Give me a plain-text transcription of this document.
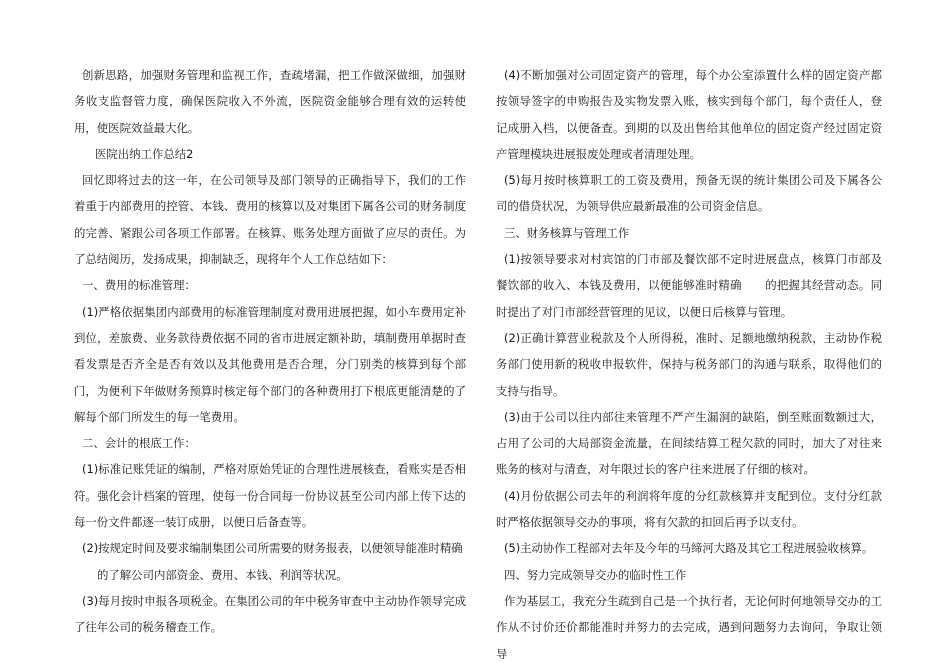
创新思路，加强财务管理和监视工作，查疏堵漏，把工作做深做细，加强财务收支监督管力度，确保医院收入不外流，医院资金能够合理有效的运转使用，使医院效益最大化。

医院出纳工作总结2

回忆即将过去的这一年，在公司领导及部门领导的正确指导下，我们的工作着重于内部费用的控管、本钱、费用的核算以及对集团下属各公司的财务制度的完善、紧跟公司各项工作部署。在核算、账务处理方面做了应尽的责任。为了总结阅历，发扬成果，抑制缺乏，现将年个人工作总结如下：

一、费用的标准管理：

(1)严格依据集团内部费用的标准管理制度对费用进展把握，如小车费用定补到位，差旅费、业务款待费依据不同的省市进展定额补助，填制费用单据时查看发票是否齐全是否有效以及其他费用是否合理，分门别类的核算到每个部门，为便利下年做财务预算时核定每个部门的各种费用打下根底更能清楚的了解每个部门所发生的每一笔费用。

二、会计的根底工作：

(1)标准记账凭证的编制，严格对原始凭证的合理性进展核查，看账实是否相符。强化会计档案的管理，使每一份合同每一份协议甚至公司内部上传下达的每一份文件都逐一装订成册，以便日后备查等。

(2)按规定时间及要求编制集团公司所需要的财务报表，以便领导能准时精确

的了解公司内部资金、费用、本钱、利润等状况。

(3)每月按时申报各项税金。在集团公司的年中税务审查中主动协作领导完成了往年公司的税务稽查工作。

(4)不断加强对公司固定资产的管理，每个办公室添置什么样的固定资产都按领导签字的申购报告及实物发票入账，核实到每个部门，每个责任人，登记成册入档，以便备查。到期的以及出售给其他单位的固定资产经过固定资产管理模块进展报废处理或者清理处理。

(5)每月按时核算职工的工资及费用，预备无误的统计集团公司及下属各公司的借贷状况，为领导供应最新最准的公司资金信息。

三、财务核算与管理工作

(1)按领导要求对村宾馆的门市部及餐饮部不定时进展盘点，核算门市部及餐饮部的收入、本钱及费用，以便能够准时精确　　的把握其经营动态。同时提出了对门市部经营管理的见议，以便日后核算与管理。

(2)正确计算营业税款及个人所得税，准时、足额地缴纳税款，主动协作税务部门使用新的税收申报软件，保持与税务部门的沟通与联系，取得他们的支持与指导。

(3)由于公司以往内部往来管理不严产生漏洞的缺陷，倒至账面数额过大，占用了公司的大局部资金流量，在间续结算工程欠款的同时，加大了对往来账务的核对与清查，对年限过长的客户往来进展了仔细的核对。

(4)月份依据公司去年的利润将年度的分红款核算并支配到位。支付分红款时严格依据领导交办的事项，将有欠款的扣回后再予以支付。

(5)主动协作工程部对去年及今年的马缔河大路及其它工程进展验收核算。

四、努力完成领导交办的临时性工作

作为基层工，我充分生疏到自己是一个执行者，无论何时何地领导交办的工作从不讨价还价都能准时并努力的去完成，遇到问题努力去询问，争取让领导
